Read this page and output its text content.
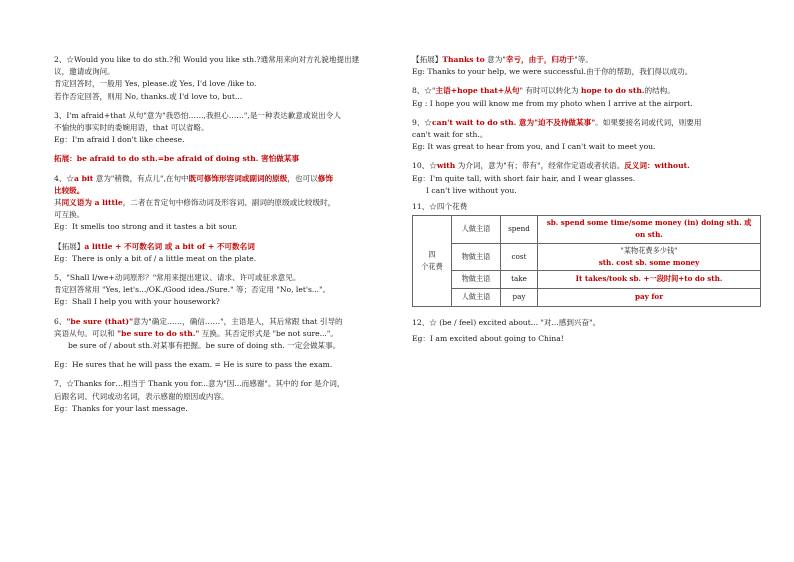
2、☆Would you like to do sth.?和 Would you like sth.?通常用来向对方礼貌地提出建

议，邀请或询问。

肯定回答时，一般用 Yes, please.或 Yes, I'd love /like to.

若作否定回答，则用 No, thanks.或 I'd love to, but...

3、I'm afraid+that 从句"意为"我恐怕……,我担心……",是一种表达歉意或说出令人

不愉快的事实时的委婉用语，that 可以省略。

Eg：I'm afraid I don't like cheese.

拓展：be afraid to do sth.=be afraid of doing sth. 害怕做某事

4、☆a bit 意为"稍微，有点儿",在句中既可修饰形容词或副词的原级，也可以修饰

比较级。

其同义语为 a little，二者在肯定句中修饰动词及形容词、副词的原级或比较级时，

可互换。

Eg：It smells too strong and it tastes a bit sour.

【拓展】a little + 不可数名词 或 a bit of + 不可数名词

Eg：There is only a bit of / a little meat on the plate.

5、"Shall I/we+动词原形？"常用来提出建议、请求、许可或征求意见。

肯定回答常用 "Yes, let's.../OK./Good idea./Sure." 等；否定用 "No, let's..."。

Eg：Shall I help you with your housework?

6、"be sure (that)"意为"确定……，确信……"，主语是人，其后常跟 that 引导的

宾语从句。可以和 "be sure to do sth." 互换。其否定形式是 "be not sure..."。

be sure of / about sth.对某事有把握。be sure of doing sth. 一定会做某事。

Eg：He sures that he will pass the exam. = He is sure to pass the exam.

7、☆Thanks for…相当于 Thank you for...意为"因...而感谢"。其中的 for 是介词，

后跟名词、代词或动名词，表示感谢的原因或内容。

Eg：Thanks for your last message.

【拓展】Thanks to 意为"幸亏，由于，归功于"等。

Eg: Thanks to your help, we were successful.由于你的帮助，我们得以成功。

8、☆"主语+hope that+从句" 有时可以转化为 hope to do sth.的结构。

Eg : I hope you will know me from my photo when I arrive at the airport.

9、☆can't wait to do sth. 意为"迫不及待做某事"。如果要接名词或代词，则要用

can't wait for sth.。

Eg: It was great to hear from you, and I can't wait to meet you.

10、☆with 为介词，意为"有；带有"，经常作定语或者状语。反义词：without.

Eg：I'm quite tall, with short fair hair, and I wear glasses.

I can't live without you.

11、☆四个花费

四
个花费	人做主语	spend	sb. spend some time/some money (in) doing sth. 或 on sth.
	物做主语	cost	"某物花费多少钱"
sth. cost sb. some money

	物做主语	take	It takes/took sb. +一段时间+to do sth.
	人做主语	pay	pay for

12、☆ (be / feel) excited about... "对...感到兴奋"。

Eg：I am excited about going to China!
